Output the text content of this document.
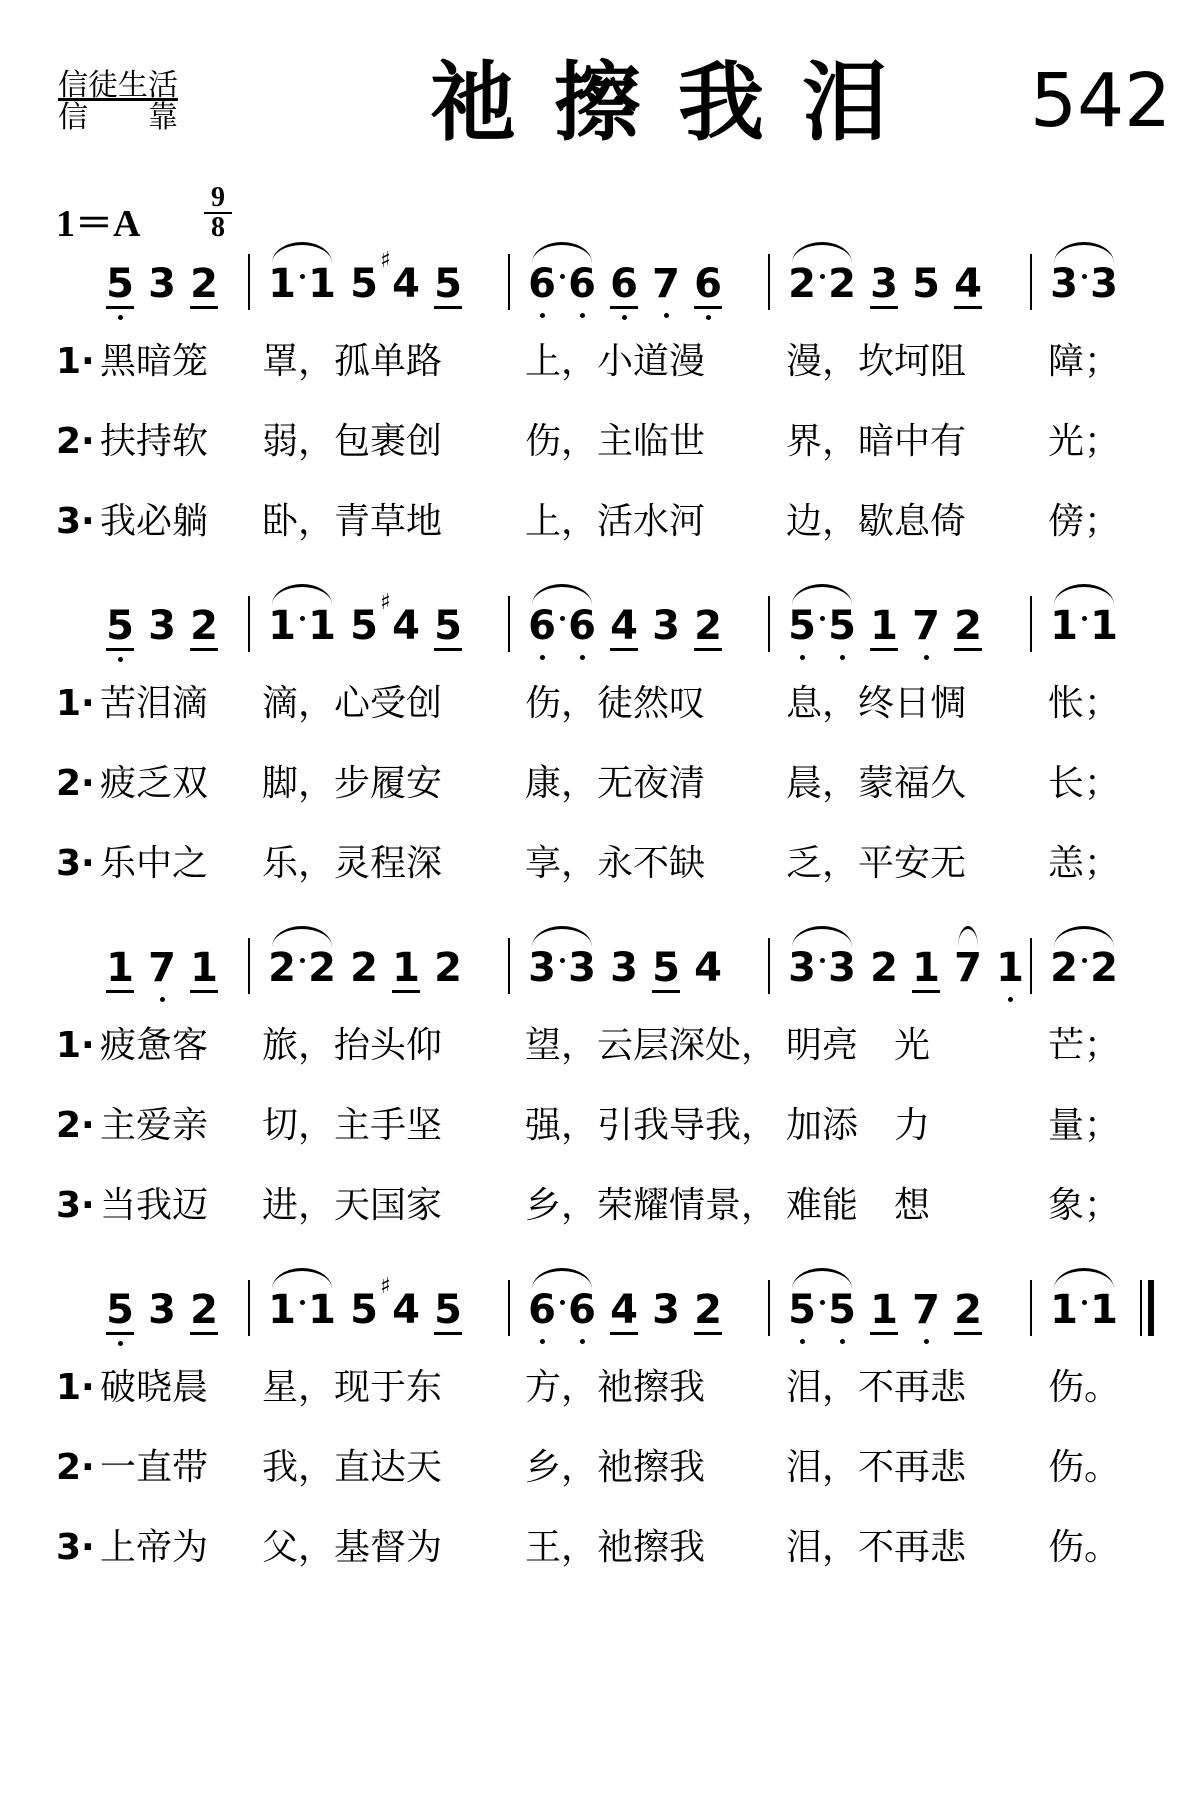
信徒生活
信　　靠	祂擦我泪 542
1＝A
9
8
5 3 2 1 1 5 4
♯
5 6 6 6 7 6 2 2 3 5 4 3 3
1· 黑暗笼 罩，孤单路 上，小道漫 漫，坎坷阻 障；
2· 扶持软 弱，包裹创 伤，主临世 界，暗中有 光；
3· 我必躺 卧，青草地 上，活水河 边，歇息倚 傍；
5 3 2 1 1 5 4
♯
5 6 6 4 3 2 5 5 1 7 2 1 1
1· 苦泪滴 滴，心受创 伤，徒然叹 息，终日惆 怅；
2· 疲乏双 脚，步履安 康，无夜清 晨，蒙福久 长；
3· 乐中之 乐，灵程深 享，永不缺 乏，平安无 恙；
1 7 1 2 2 2 1 2 3 3 3 5 4 3 3 2 1 7 1 2 2
1· 疲惫客 旅，抬头仰 望，云层深处， 明亮　光	芒；
2· 主爱亲 切，主手坚 强，引我导我， 加添　力	量；
3· 当我迈 进，天国家 乡，荣耀情景， 难能　想	象；
5 3 2 1 1 5 4
♯
5 6 6 4 3 2 5 5 1 7 2 1 1
1· 破晓晨 星，现于东 方，祂擦我 泪，不再悲 伤。
2· 一直带 我，直达天 乡，祂擦我 泪，不再悲 伤。
3· 上帝为 父，基督为 王，祂擦我 泪，不再悲 伤。
